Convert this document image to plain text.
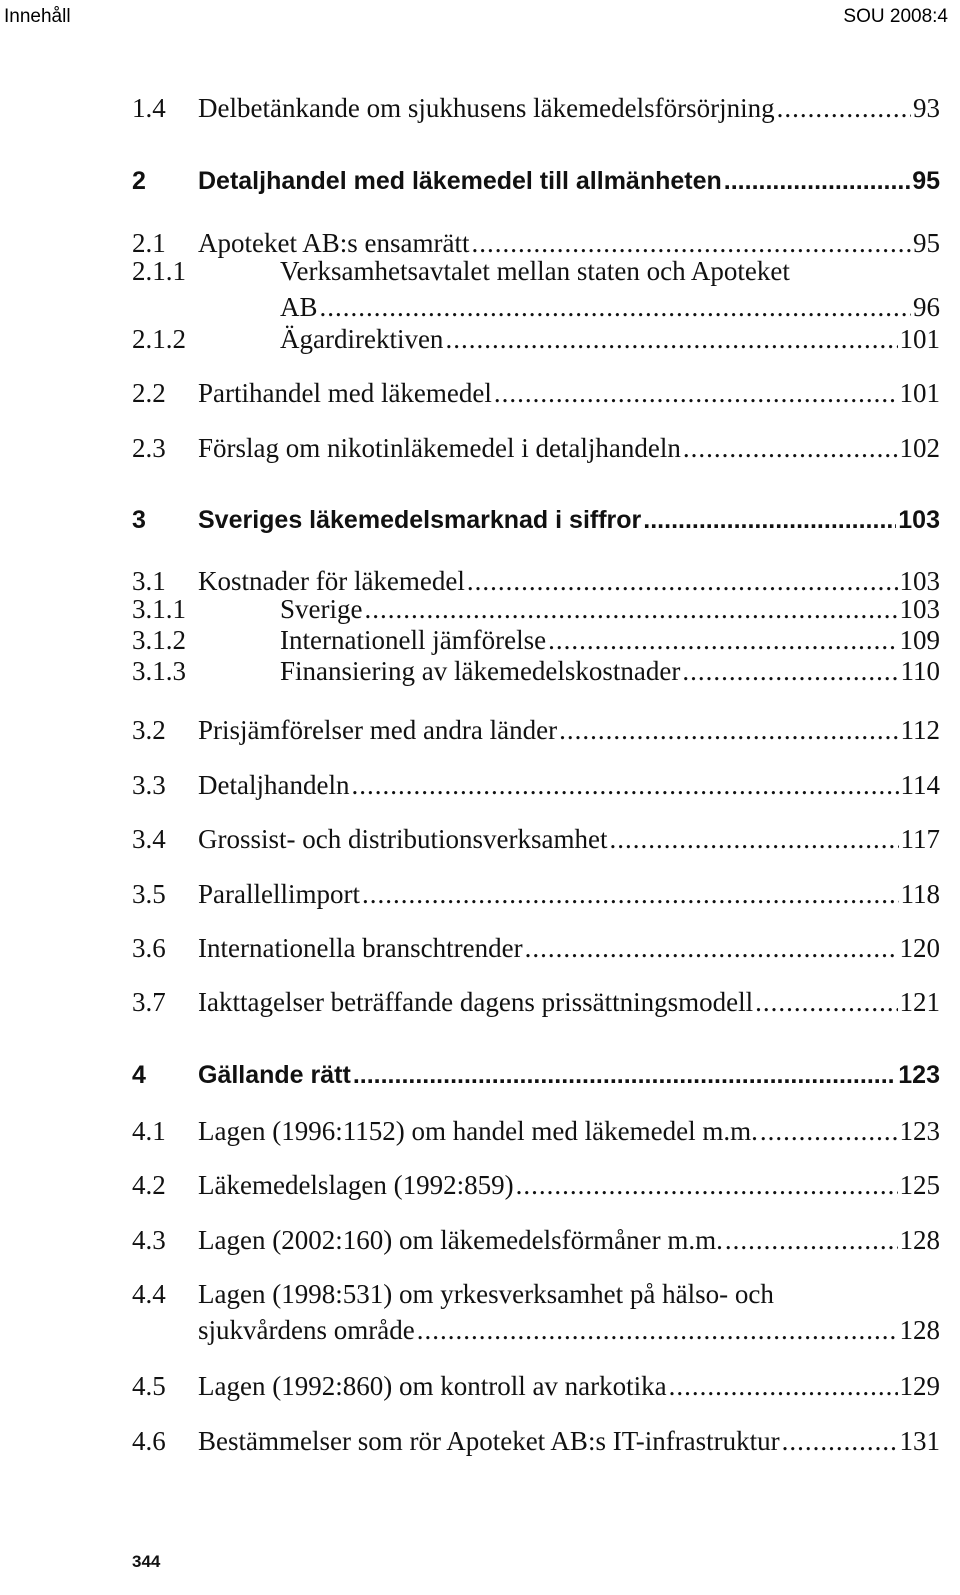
Innehåll	SOU 2008:4
1.4	Delbetänkande om sjukhusens läkemedelsförsörjning .....	93
2	Detaljhandel med läkemedel till allmänheten .....	95
2.1	Apoteket AB:s ensamrätt .....	95
2.1.1	Verksamhetsavtalet mellan staten och Apoteket
AB .....	96
2.1.2	Ägardirektiven .....	101
2.2	Partihandel med läkemedel .....	101
2.3	Förslag om nikotinläkemedel i detaljhandeln .....	102
3	Sveriges läkemedelsmarknad i siffror .....	103
3.1	Kostnader för läkemedel .....	103
3.1.1	Sverige .....	103
3.1.2	Internationell jämförelse .....	109
3.1.3	Finansiering av läkemedelskostnader .....	110
3.2	Prisjämförelser med andra länder .....	112
3.3	Detaljhandeln .....	114
3.4	Grossist- och distributionsverksamhet .....	117
3.5	Parallellimport .....	118
3.6	Internationella branschtrender .....	120
3.7	Iakttagelser beträffande dagens prissättningsmodell .....	121
4	Gällande rätt .....	123
4.1	Lagen (1996:1152) om handel med läkemedel m.m. .....	123
4.2	Läkemedelslagen (1992:859) .....	125
4.3	Lagen (2002:160) om läkemedelsförmåner m.m. .....	128
4.4	Lagen (1998:531) om yrkesverksamhet på hälso- och
sjukvårdens område .....	128
4.5	Lagen (1992:860) om kontroll av narkotika .....	129
4.6	Bestämmelser som rör Apoteket AB:s IT-infrastruktur .....	131
344
